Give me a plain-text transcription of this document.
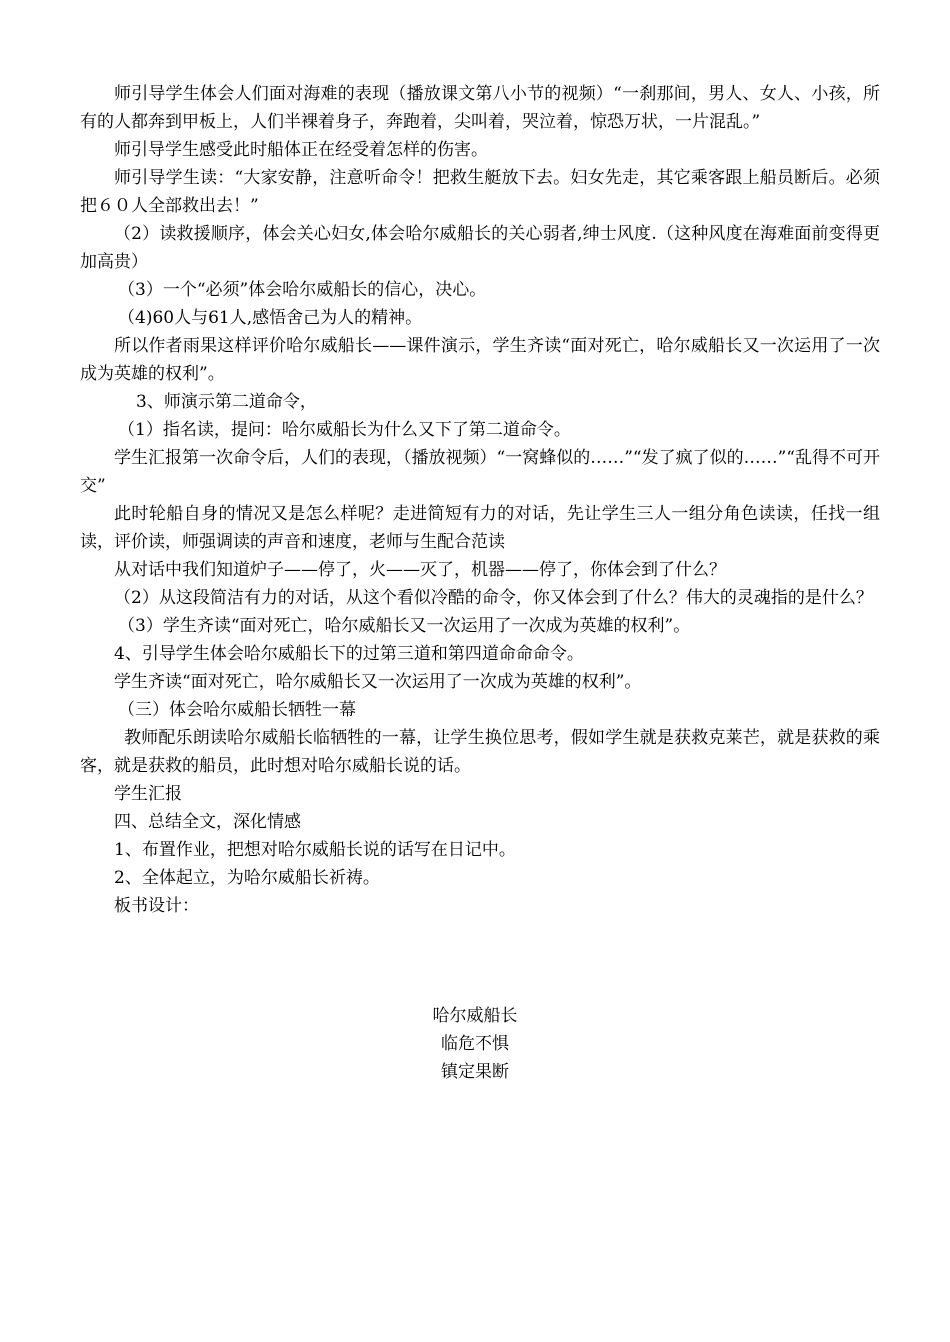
师引导学生体会人们面对海难的表现（播放课文第八小节的视频）“一刹那间，男人、女人、小孩，所有的人都奔到甲板上，人们半裸着身子，奔跑着，尖叫着，哭泣着，惊恐万状，一片混乱。”

师引导学生感受此时船体正在经受着怎样的伤害。

师引导学生读：“大家安静，注意听命令！把救生艇放下去。妇女先走，其它乘客跟上船员断后。必须把６０人全部救出去！”

（2）读救援顺序，体会关心妇女,体会哈尔威船长的关心弱者,绅士风度.（这种风度在海难面前变得更加高贵）

（3）一个“必须”体会哈尔威船长的信心，决心。

（4)60人与61人,感悟舍己为人的精神。

所以作者雨果这样评价哈尔威船长——课件演示，学生齐读“面对死亡，哈尔威船长又一次运用了一次成为英雄的权利”。

3、师演示第二道命令，

（1）指名读，提问：哈尔威船长为什么又下了第二道命令。

学生汇报第一次命令后，人们的表现，（播放视频）“一窝蜂似的……”“发了疯了似的……”“乱得不可开交”

此时轮船自身的情况又是怎么样呢？走进简短有力的对话，先让学生三人一组分角色读读，任找一组读，评价读，师强调读的声音和速度，老师与生配合范读

从对话中我们知道炉子——停了，火——灭了，机器——停了，你体会到了什么？

（2）从这段简洁有力的对话，从这个看似冷酷的命令，你又体会到了什么？伟大的灵魂指的是什么？

（3）学生齐读“面对死亡，哈尔威船长又一次运用了一次成为英雄的权利”。

4、引导学生体会哈尔威船长下的过第三道和第四道命命命令。

学生齐读“面对死亡，哈尔威船长又一次运用了一次成为英雄的权利”。

（三）体会哈尔威船长牺牲一幕

教师配乐朗读哈尔威船长临牺牲的一幕，让学生换位思考，假如学生就是获救克莱芒，就是获救的乘客，就是获救的船员，此时想对哈尔威船长说的话。

学生汇报

四、总结全文，深化情感

1、布置作业，把想对哈尔威船长说的话写在日记中。

2、全体起立，为哈尔威船长祈祷。

板书设计：

哈尔威船长
临危不惧
镇定果断
